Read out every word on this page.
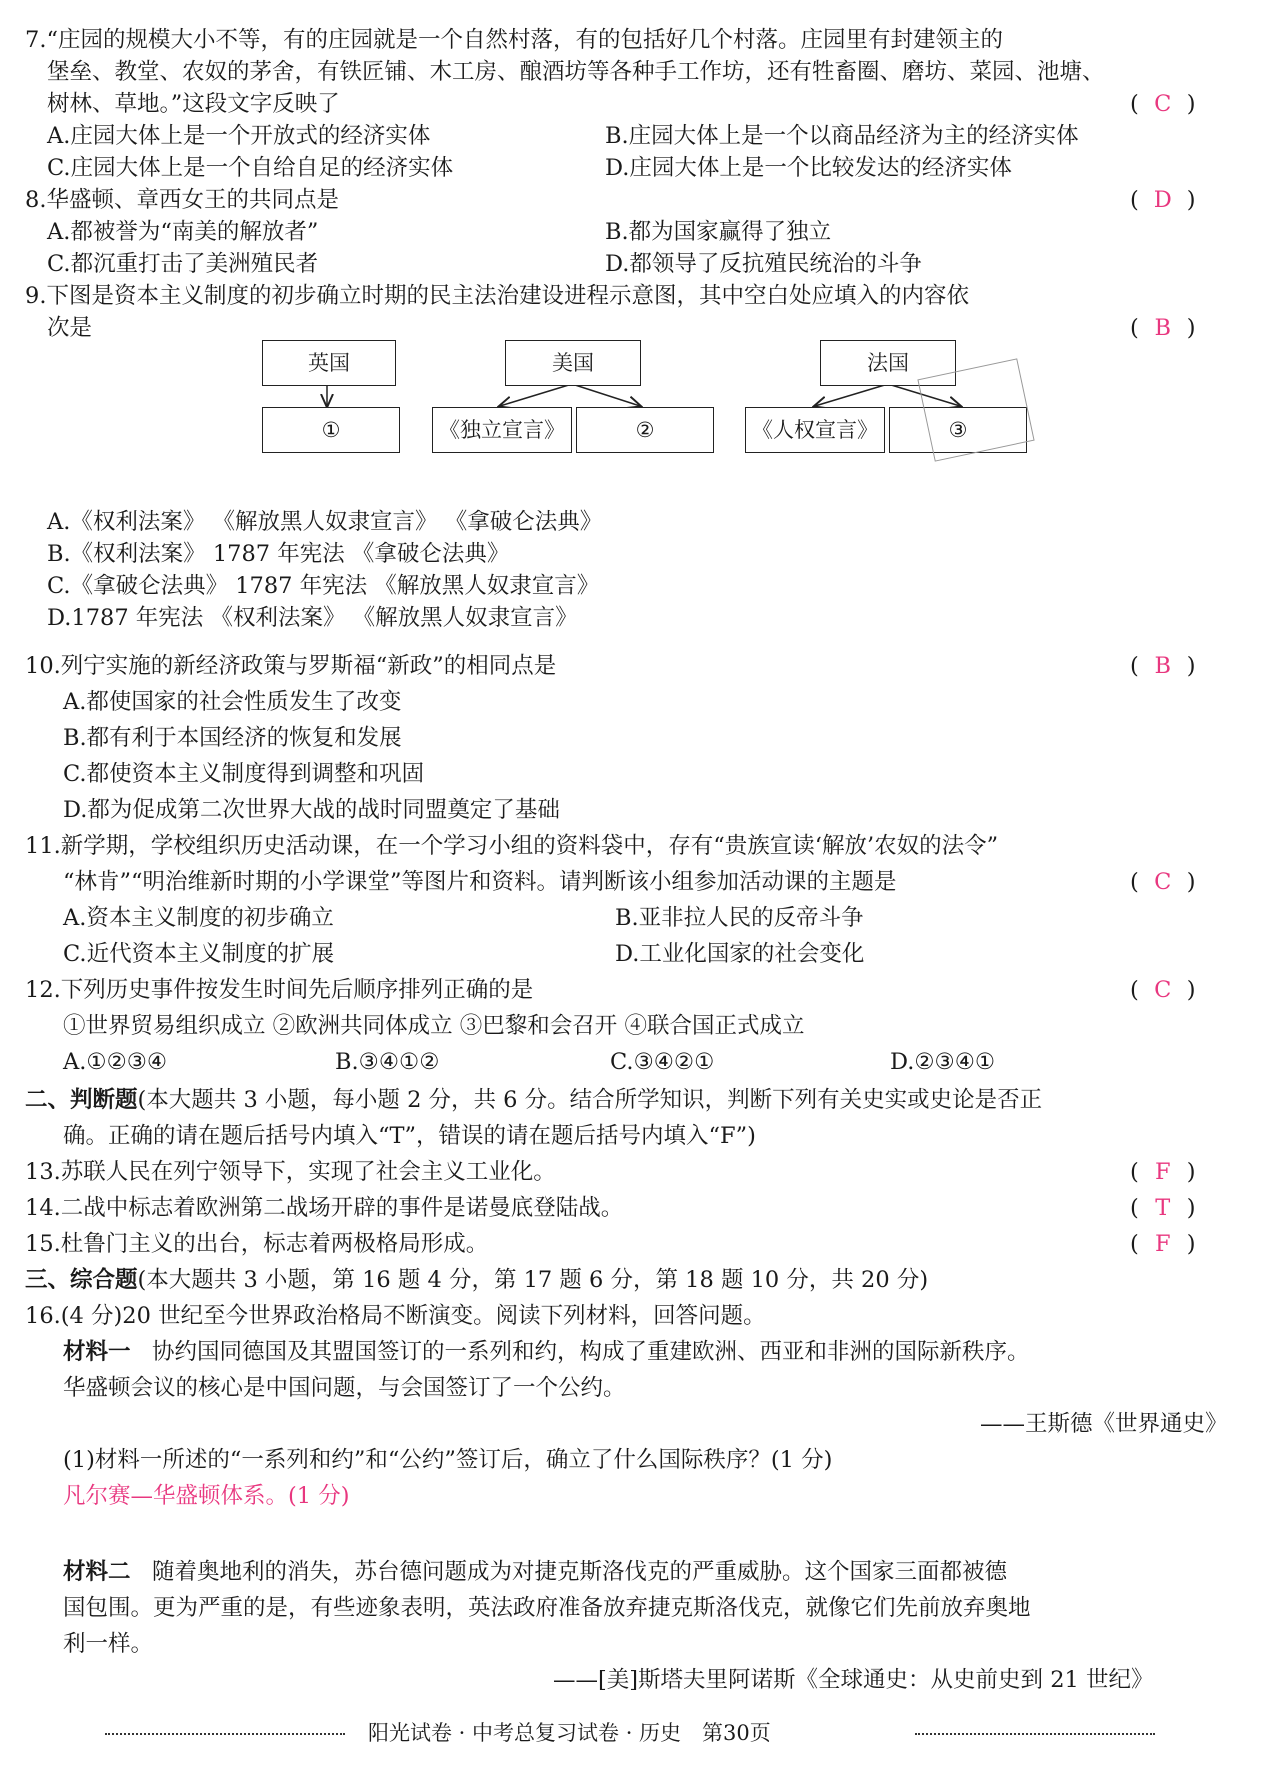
7.“庄园的规模大小不等，有的庄园就是一个自然村落，有的包括好几个村落。庄园里有封建领主的
堡垒、教堂、农奴的茅舍，有铁匠铺、木工房、酿酒坊等各种手工作坊，还有牲畜圈、磨坊、菜园、池塘、
树林、草地。”这段文字反映了	( C )
A.庄园大体上是一个开放式的经济实体	B.庄园大体上是一个以商品经济为主的经济实体
C.庄园大体上是一个自给自足的经济实体	D.庄园大体上是一个比较发达的经济实体
8.华盛顿、章西女王的共同点是	( D )
A.都被誉为“南美的解放者”	B.都为国家赢得了独立
C.都沉重打击了美洲殖民者	D.都领导了反抗殖民统治的斗争
9.下图是资本主义制度的初步确立时期的民主法治建设进程示意图，其中空白处应填入的内容依
次是	( B )
英国	美国	法国
①	《独立宣言》	②	《人权宣言》	③
A.《权利法案》 《解放黑人奴隶宣言》 《拿破仑法典》
B.《权利法案》 1787 年宪法 《拿破仑法典》
C.《拿破仑法典》 1787 年宪法 《解放黑人奴隶宣言》
D.1787 年宪法 《权利法案》 《解放黑人奴隶宣言》
10.列宁实施的新经济政策与罗斯福“新政”的相同点是	( B )
A.都使国家的社会性质发生了改变
B.都有利于本国经济的恢复和发展
C.都使资本主义制度得到调整和巩固
D.都为促成第二次世界大战的战时同盟奠定了基础
11.新学期，学校组织历史活动课，在一个学习小组的资料袋中，存有“贵族宣读‘解放’农奴的法令”
“林肯”“明治维新时期的小学课堂”等图片和资料。请判断该小组参加活动课的主题是	( C )
A.资本主义制度的初步确立	B.亚非拉人民的反帝斗争
C.近代资本主义制度的扩展	D.工业化国家的社会变化
12.下列历史事件按发生时间先后顺序排列正确的是	( C )
①世界贸易组织成立 ②欧洲共同体成立 ③巴黎和会召开 ④联合国正式成立
A.①②③④	B.③④①②	C.③④②①	D.②③④①
二、判断题(本大题共 3 小题，每小题 2 分，共 6 分。结合所学知识，判断下列有关史实或史论是否正
确。正确的请在题后括号内填入“T”，错误的请在题后括号内填入“F”)
13.苏联人民在列宁领导下，实现了社会主义工业化。	( F )
14.二战中标志着欧洲第二战场开辟的事件是诺曼底登陆战。	( T )
15.杜鲁门主义的出台，标志着两极格局形成。	( F )
三、综合题(本大题共 3 小题，第 16 题 4 分，第 17 题 6 分，第 18 题 10 分，共 20 分)
16.(4 分)20 世纪至今世界政治格局不断演变。阅读下列材料，回答问题。
材料一 协约国同德国及其盟国签订的一系列和约，构成了重建欧洲、西亚和非洲的国际新秩序。
华盛顿会议的核心是中国问题，与会国签订了一个公约。
——王斯德《世界通史》
(1)材料一所述的“一系列和约”和“公约”签订后，确立了什么国际秩序？(1 分)
凡尔赛—华盛顿体系。(1 分)
材料二 随着奥地利的消失，苏台德问题成为对捷克斯洛伐克的严重威胁。这个国家三面都被德
国包围。更为严重的是，有些迹象表明，英法政府准备放弃捷克斯洛伐克，就像它们先前放弃奥地
利一样。
——[美]斯塔夫里阿诺斯《全球通史：从史前史到 21 世纪》
阳光试卷 · 中考总复习试卷 · 历史　第30页
